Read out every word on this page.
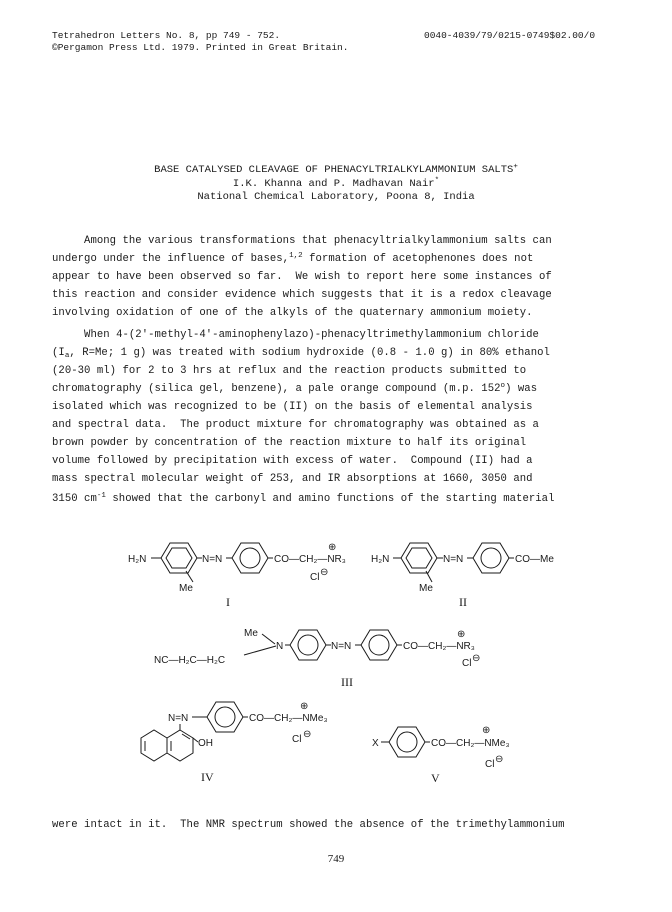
Tetrahedron Letters No. 8, pp 749 - 752.
©Pergamon Press Ltd. 1979. Printed in Great Britain.
0040-4039/79/0215-0749$02.00/0
BASE CATALYSED CLEAVAGE OF PHENACYLTRIALKYLAMMONIUM SALTS+
I.K. Khanna and P. Madhavan Nair*
National Chemical Laboratory, Poona 8, India
Among the various transformations that phenacyltrialkylammonium salts can
undergo under the influence of bases,$^{1,2}$ formation of acetophenones does not
appear to have been observed so far.  We wish to report here some instances of
this reaction and consider evidence which suggests that it is a redox cleavage
involving oxidation of one of the alkyls of the quaternary ammonium moiety.
When 4-(2'-methyl-4'-aminophenylazo)-phenacyltrimethylammonium chloride
($I_a$, R=Me; 1 g) was treated with sodium hydroxide (0.8 - 1.0 g) in 80% ethanol
(20-30 ml) for 2 to 3 hrs at reflux and the reaction products submitted to
chromatography (silica gel, benzene), a pale orange compound (m.p. 152$^o$) was
isolated which was recognized to be (II) on the basis of elemental analysis
and spectral data.  The product mixture for chromatography was obtained as a
brown powder by concentration of the reaction mixture to half its original
volume followed by precipitation with excess of water.  Compound (II) had a
mass spectral molecular weight of 253, and IR absorptions at 1660, 3050 and
3150 $cm^{-1}$ showed that the carbonyl and amino functions of the starting material
H₂N
Me
N=N	CO—CH₂—NR₃
⊕
Cl ⊖
I
H₂N
Me
N=N	CO—Me
II
Me
NC—H₂C—H₂C
N	N=N	CO—CH₂—NR₃
⊕
Cl ⊖
III
N=N	CO—CH₂—NMe₃
⊕
Cl ⊖
OH
IV
X	CO—CH₂—NMe₃
⊕
Cl ⊖
V
were intact in it.  The NMR spectrum showed the absence of the trimethylammonium
749
